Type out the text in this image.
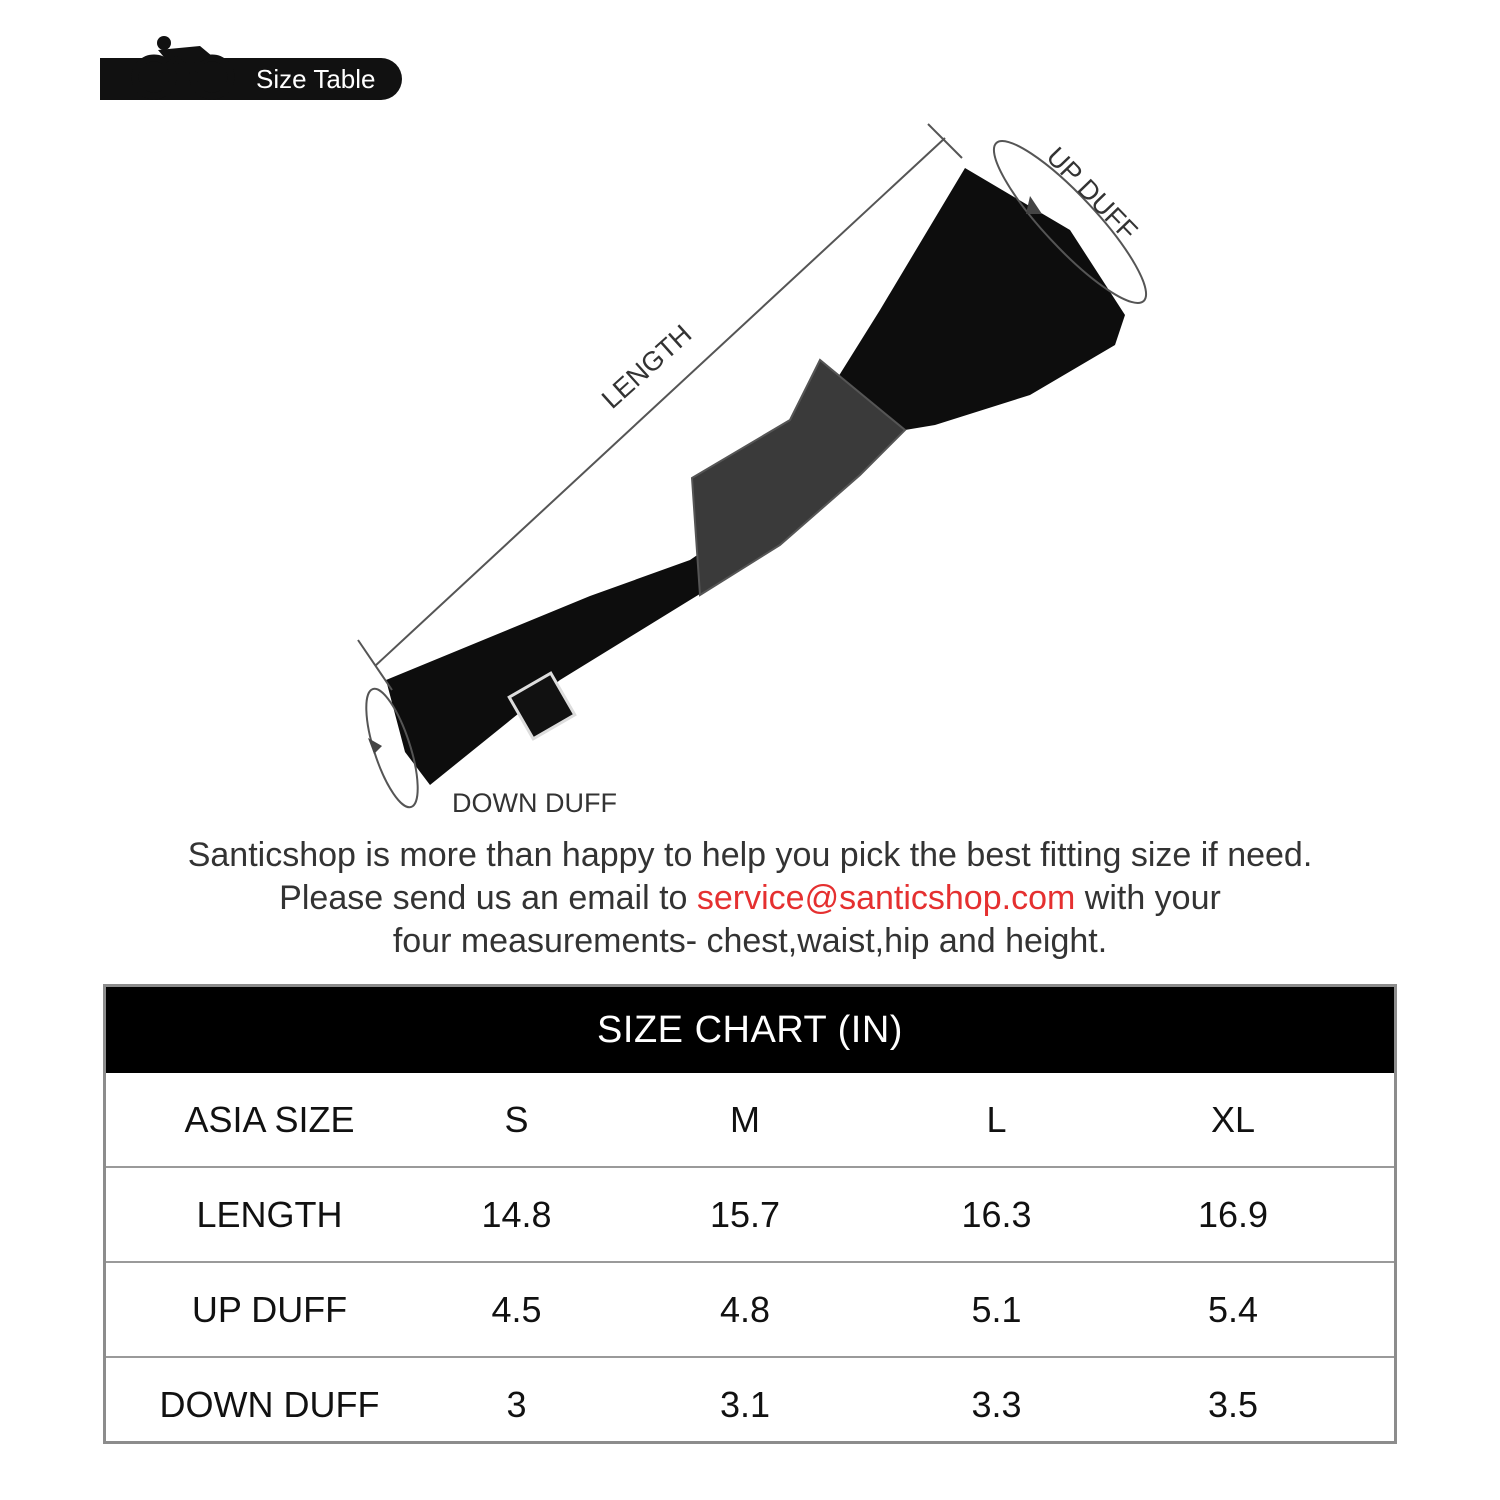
Size Table
LENGTH
UP DUFF
DOWN DUFF
Santicshop is more than happy to help you pick the best fitting size if need.
Please send us an email to service@santicshop.com with your
four measurements- chest,waist,hip and height.
SIZE CHART (IN)
ASIA SIZE	S	M	L	XL
LENGTH	14.8	15.7	16.3	16.9
UP DUFF	4.5	4.8	5.1	5.4
DOWN DUFF	3	3.1	3.3	3.5
